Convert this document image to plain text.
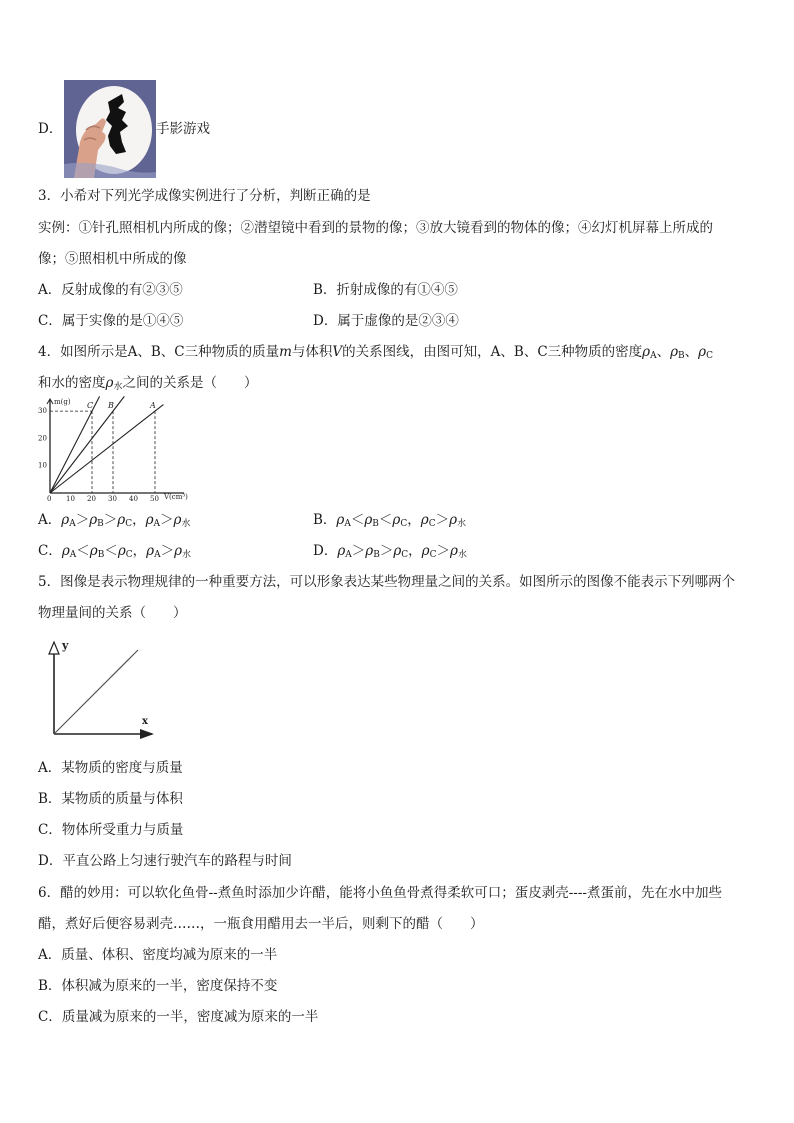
D．	手影游戏
3．小希对下列光学成像实例进行了分析，判断正确的是
实例：①针孔照相机内所成的像；②潜望镜中看到的景物的像；③放大镜看到的物体的像；④幻灯机屏幕上所成的
像；⑤照相机中所成的像
A．反射成像的有②③⑤	B．折射成像的有①④⑤
C．属于实像的是①④⑤	D．属于虚像的是②③④
4．如图所示是A、B、C三种物质的质量m与体积V的关系图线，由图可知，A、B、C三种物质的密度$\rho_A$、$\rho_B$、$\rho_C$
和水的密度$\rho_水$之间的关系是（　　）
C B	A
0 10 20 30 40 50
10
20
30
m(g)
V(cm³)
A．$\rho_A>\rho_B>\rho_C$，$\rho_A>\rho_水$	B．$\rho_A<\rho_B<\rho_C$，$\rho_C>\rho_水$
C．$\rho_A<\rho_B<\rho_C$，$\rho_A>\rho_水$	D．$\rho_A>\rho_B>\rho_C$，$\rho_C>\rho_水$
5．图像是表示物理规律的一种重要方法，可以形象表达某些物理量之间的关系。如图所示的图像不能表示下列哪两个
物理量间的关系（　　）
y
x
A．某物质的密度与质量
B．某物质的质量与体积
C．物体所受重力与质量
D．平直公路上匀速行驶汽车的路程与时间
6．醋的妙用：可以软化鱼骨--煮鱼时添加少许醋，能将小鱼鱼骨煮得柔软可口；蛋皮剥壳----煮蛋前，先在水中加些
醋，煮好后便容易剥壳……，一瓶食用醋用去一半后，则剩下的醋（　　）
A．质量、体积、密度均减为原来的一半
B．体积减为原来的一半，密度保持不变
C．质量减为原来的一半，密度减为原来的一半
